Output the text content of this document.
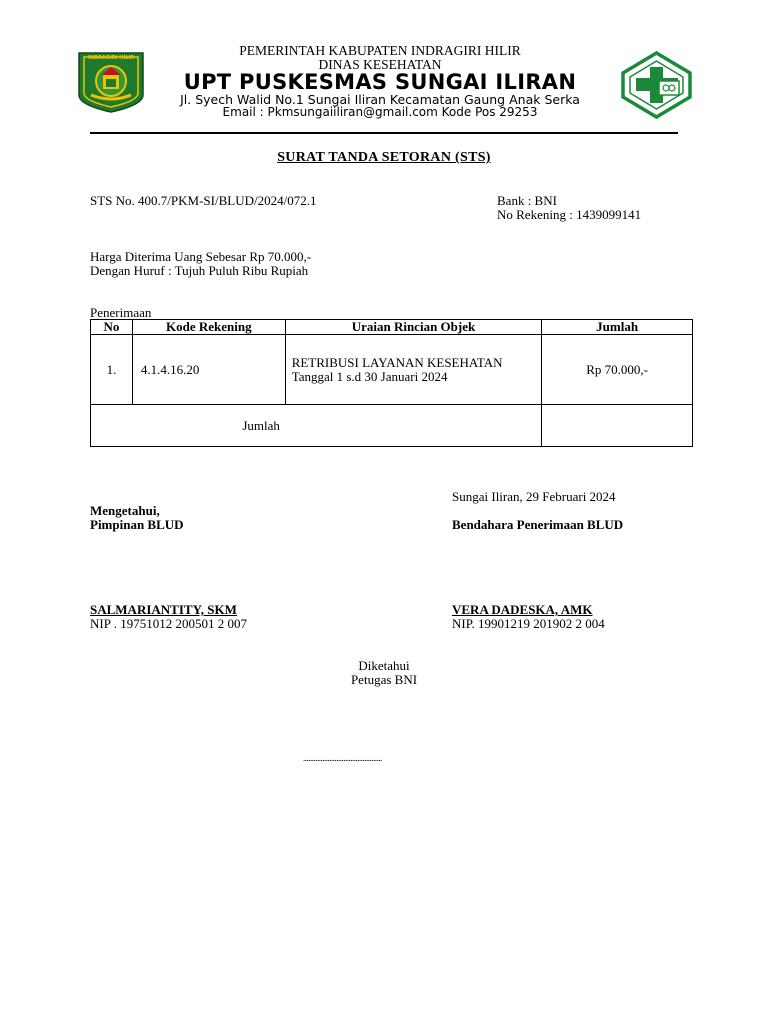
INDRAGIRI HILIR	PEMERINTAH KABUPATEN INDRAGIRI HILIR
DINAS KESEHATAN
UPT PUSKESMAS SUNGAI ILIRAN
Jl. Syech Walid No.1 Sungai Iliran Kecamatan Gaung Anak Serka
Email : Pkmsungaiiliran@gmail.com Kode Pos 29253
SURAT TANDA SETORAN (STS)
STS No. 400.7/PKM-SI/BLUD/2024/072.1	Bank : BNI
No Rekening : 1439099141
Harga Diterima Uang Sebesar Rp 70.000,-
Dengan Huruf : Tujuh Puluh Ribu Rupiah
Penerimaan
No	Kode Rekening	Uraian Rincian Objek	Jumlah
1.	4.1.4.16.20	RETRIBUSI LAYANAN KESEHATAN Tanggal 1 s.d 30 Januari 2024	Rp 70.000,-
Jumlah			
Sungai Iliran, 29 Februari 2024
Mengetahui,
Pimpinan BLUD	Bendahara Penerimaan BLUD
SALMARIANTITY, SKM
NIP . 19751012 200501 2 007
VERA DADESKA, AMK
NIP. 19901219 201902 2 004
Diketahui
Petugas BNI
.............................................
